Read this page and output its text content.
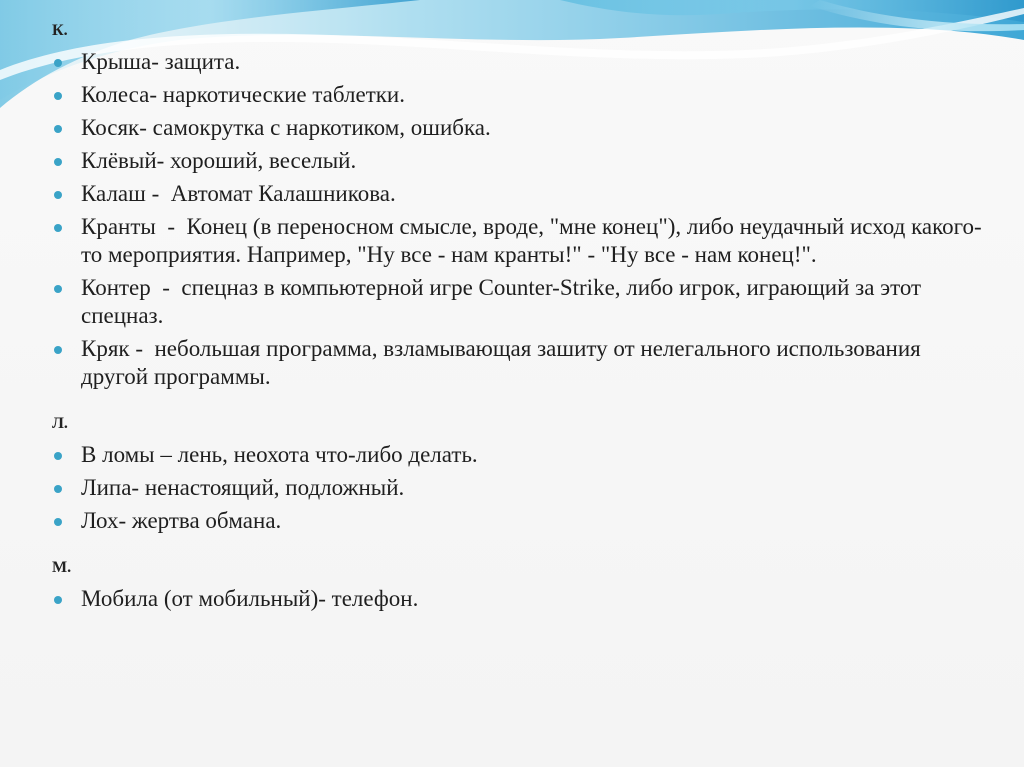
К.
Крыша- защита.
Колеса- наркотические таблетки.
Косяк- самокрутка с наркотиком, ошибка.
Клёвый- хороший, веселый.
Калаш -  Автомат Калашникова.
Кранты  -  Конец (в переносном смысле, вроде, "мне конец"), либо неудачный исход какого-то мероприятия. Например, "Ну все - нам кранты!" - "Ну все - нам конец!".
Контер  -  спецназ в компьютерной игре Counter-Strike, либо игрок, играющий за этот спецназ.
Кряк -  небольшая программа, взламывающая зашиту от нелегального использования другой программы.
Л.
В ломы – лень, неохота что-либо делать.
Липа- ненастоящий, подложный.
Лох- жертва обмана.
М.
Мобила (от мобильный)- телефон.
